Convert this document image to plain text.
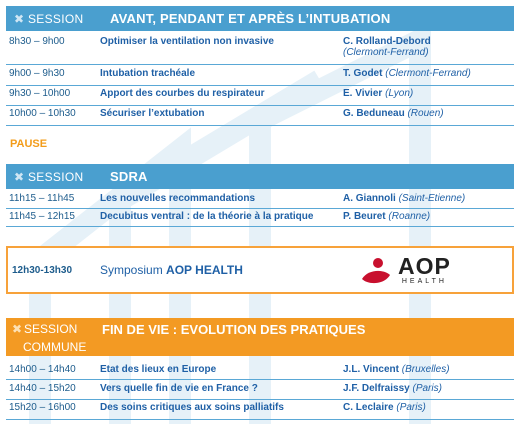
✖ SESSION	AVANT, PENDANT ET APRÈS L’INTUBATION
8h30 – 9h00	Optimiser la ventilation non invasive	C. Rolland-Debord
(Clermont-Ferrand)
9h00 – 9h30	Intubation trachéale	T. Godet (Clermont-Ferrand)
9h30 – 10h00	Apport des courbes du respirateur	E. Vivier (Lyon)
10h00 – 10h30	Sécuriser l’extubation	G. Beduneau (Rouen)
PAUSE
✖ SESSION	SDRA
11h15 – 11h45	Les nouvelles recommandations	A. Giannoli (Saint-Etienne)
11h45 – 12h15	Decubitus ventral : de la théorie à la pratique	P. Beuret (Roanne)
12h30-13h30	Symposium AOP HEALTH	AOP
HEALTH
✖ SESSION
COMMUNE
FIN DE VIE : EVOLUTION DES PRATIQUES
14h00 – 14h40	Etat des lieux en Europe	J.L. Vincent (Bruxelles)
14h40 – 15h20	Vers quelle fin de vie en France ?	J.F. Delfraissy (Paris)
15h20 – 16h00	Des soins critiques aux soins palliatifs	C. Leclaire (Paris)
